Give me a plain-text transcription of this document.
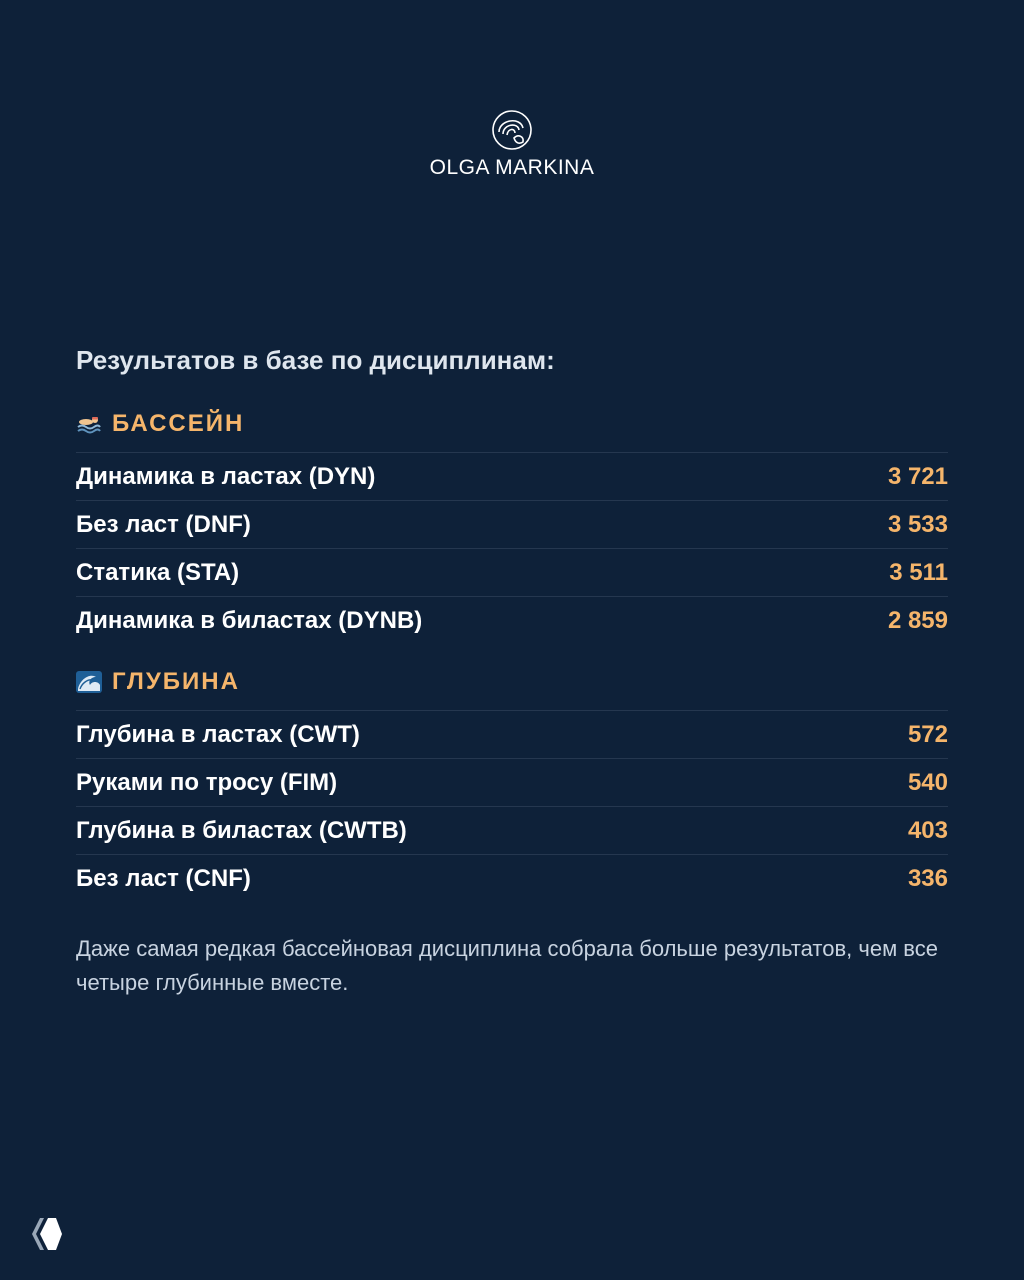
OLGA MARKINA
Результатов в базе по дисциплинам:
БАССЕЙН
Динамика в ластах (DYN)	3 721
Без ласт (DNF)	3 533
Статика (STA)	3 511
Динамика в биластах (DYNB)	2 859
ГЛУБИНА
Глубина в ластах (CWT)	572
Руками по тросу (FIM)	540
Глубина в биластах (CWTB)	403
Без ласт (CNF)	336
Даже самая редкая бассейновая дисциплина собрала больше результатов, чем все четыре глубинные вместе.
